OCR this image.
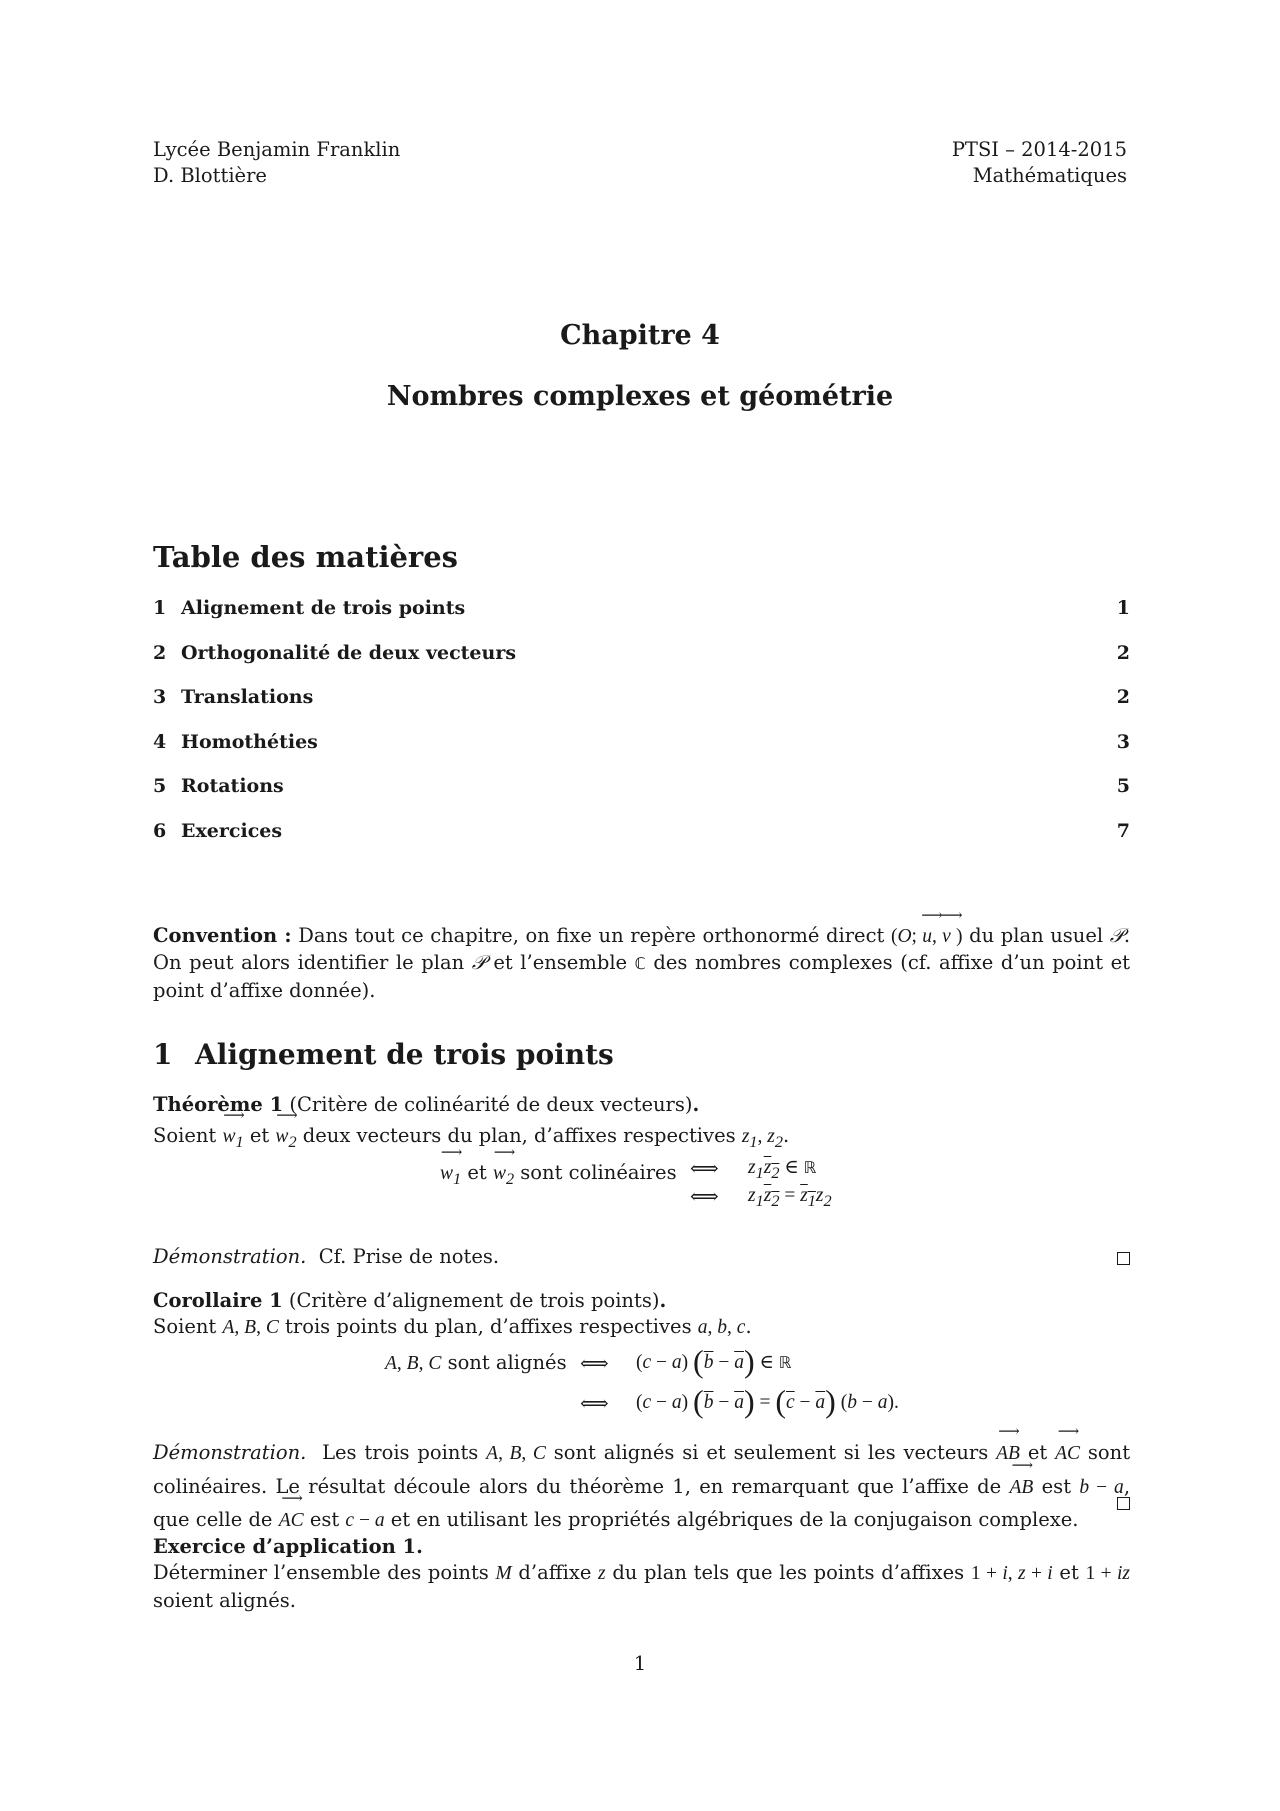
Lycée Benjamin Franklin
D. Blottière
PTSI – 2014-2015
Mathématiques
Chapitre 4
Nombres complexes et géométrie
Table des matières
1 Alignement de trois points	1
2 Orthogonalité de deux vecteurs	2
3 Translations	2
4 Homothéties	3
5 Rotations	5
6 Exercices	7
Convention : Dans tout ce chapitre, on fixe un repère orthonormé direct (O; ⟶ u, ⟶ v ) du plan usuel 𝒫. On peut alors identifier le plan 𝒫 et l’ensemble ℂ des nombres complexes (cf. affixe d’un point et point d’affixe donnée).
1 Alignement de trois points
Théorème 1 (Critère de colinéarité de deux vecteurs).
Soient ⟶ $w_1$ et ⟶ $w_2$ deux vecteurs du plan, d’affixes respectives $z_1$, $z_2$.
⟶ $w_1$ et ⟶ $w_2$ sont colinéaires ⟺ $z_1z_2$ ∈ ℝ
⟺ $z_1z_2 = z_1z_2$
Démonstration. Cf. Prise de notes.
Corollaire 1 (Critère d’alignement de trois points).
Soient A, B, C trois points du plan, d’affixes respectives a, b, c.
A, B, C sont alignés ⟺ (c − a) $(\overline{b} - \overline{a})$ ∈ ℝ
⟺ (c − a) $(\overline{b} - \overline{a}) = (\overline{c} - \overline{a}) (b - a)$.
Démonstration. Les trois points A, B, C sont alignés si et seulement si les vecteurs ⟶ AB et ⟶ AC sont colinéaires. Le résultat découle alors du théorème 1, en remarquant que l’affixe de ⟶ AB est b − a, que celle de ⟶ AC est c − a et en utilisant les propriétés algébriques de la conjugaison complexe.
Exercice d’application 1.
Déterminer l’ensemble des points M d’affixe z du plan tels que les points d’affixes 1 + i, z + i et 1 + iz soient alignés.
1
